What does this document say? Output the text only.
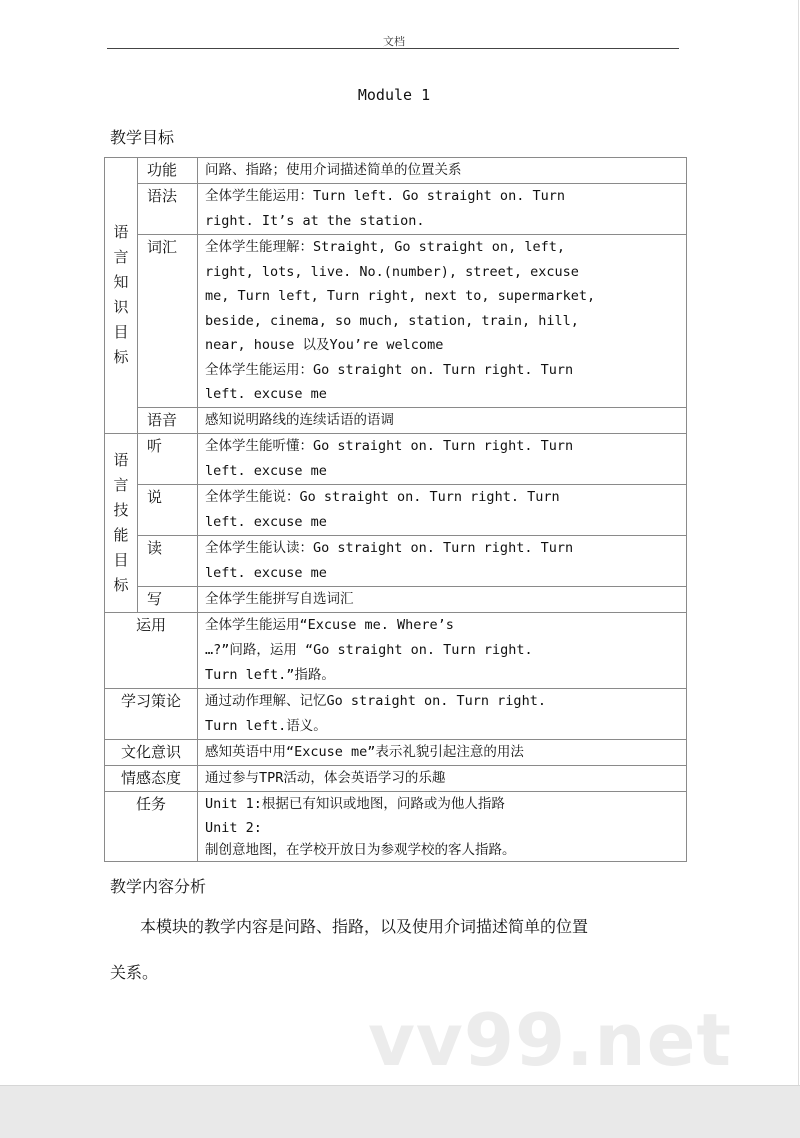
文档
Module 1
教学目标
语言知识目标	功能	问路、指路；使用介词描述简单的位置关系

	语法	全体学生能运用：Turn left. Go straight on. Turn
right. It’s at the station.

词汇	全体学生能理解：Straight, Go straight on, left,
right, lots, live. No.(number), street, excuse
me, Turn left, Turn right, next to, supermarket,
beside, cinema, so much, station, train, hill,
near, house 以及You’re welcome
全体学生能运用：Go straight on. Turn right. Turn
left. excuse me

	语音	感知说明路线的连续话语的语调

语言技能目标	听	全体学生能听懂：Go straight on. Turn right. Turn
left. excuse me

	说	全体学生能说：Go straight on. Turn right. Turn
left. excuse me

	读	全体学生能认读：Go straight on. Turn right. Turn
left. excuse me

	写	全体学生能拼写自选词汇

运用		全体学生能运用“Excuse me. Where’s
…?”问路，运用 “Go straight on. Turn right.
Turn left.”指路。

学习策论		通过动作理解、记忆Go straight on. Turn right.
Turn left.语义。

文化意识		感知英语中用“Excuse me”表示礼貌引起注意的用法

情感态度		通过参与TPR活动，体会英语学习的乐趣

任务		Unit 1:根据已有知识或地图，问路或为他人指路
Unit 2:
制创意地图，在学校开放日为参观学校的客人指路。
教学内容分析
本模块的教学内容是问路、指路，以及使用介词描述简单的位置
关系。
vv99.net
